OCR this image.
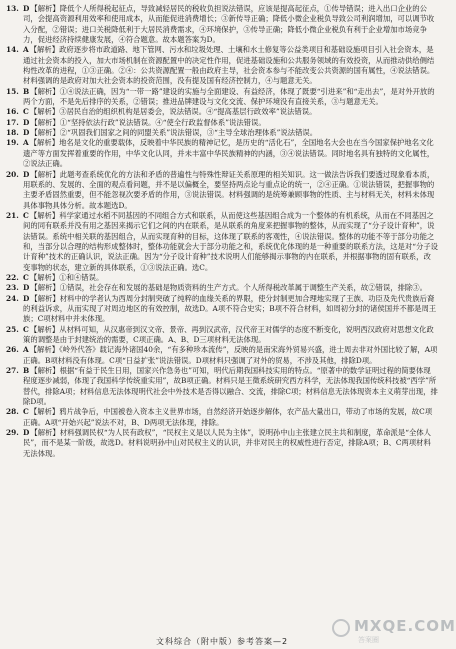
13. D【解析】降低个人所得税起征点，导致减轻居民的税收负担说法错误，应该是提高起征点，①传导错误；进入出口企业的公司，会提高资源利用效率和使用成本，从而能促进消费增长；③新传导正确；降低小微企业税负导致公司利润增加，可以调节收入分配，②错误；进口关税降低利于大居民消费需求，④环境保护，③传导正确；降低小微企业税负有利于企业增加市场竞争力，促进经济持续健康发展，④符合题意。故本题答案为D。
14. A【解析】政府逐步将市政道路、地下管网、污水和垃圾处理、土壤和水土修复等公益类项目和基础设施项目引入社会资本，是通过社会资本的投入，加大市场机制在资源配置中的决定性作用，促进基础设施和公共服务领域的有效投资，从而推动供给侧结构性改革的进程，①③正确。②④：公共资源配置一般由政府主导，社会资本参与不能改变公共资源的国有属性，④说法错误。材料强调的是政府对加大社会资本的投资范围，没有提及国有经济控制力，④与题意无关。
15. B【解析】①④说法正确，因为“一带一路”建设的实施与全面建设、有益经济，体现了既要“引进来”和“走出去”，是对外开放的两个方面，不是先后排序的关系，②错误；推进品牌建设与文化交流、保护环境没有直接关系，③与题意无关。
16. C【解析】③居民自治的组织机构是居委会，说法错误。④“提高基层行政效率”说法错误。
17. D【解析】①“坚持依法行政”说法错误。④“使全行政监督体系”说法错误。
18. D【解析】②“巩固我们国家之间的同盟关系”说法错误，③“主导全球治理体系”说法错误。
19. A【解析】地名是文化的重要载体，反映着中华民族的精神记忆，是历史的“活化石”，全国地名大会也在当今国家保护地名文化遗产等方面发挥着重要的作用，中华文化认同，并未丰富中华民族精神的内涵，③④说法错误。同时地名具有独特的文化属性，②说法正确。
20. D【解析】此题考查系统优化的方法和矛盾的普遍性与特殊性辩证关系原理的相关知识。这一做法告诉我们要透过现象看本质，用联系的、发展的、全面的观点看问题，并不是以偏概全，要坚持两点论与重点论的统一，②④正确。①说法错误，把握事物的主要矛盾固然重要，但不能忽视次要矛盾的作用，③说法错误。材料强调的是统筹兼顾事物的性质、主与材料无关，材料未体现具体事物具体分析。故本题选D。
21. C【解析】科学家通过水稻不同基因的不同组合方式和联系，从而使这些基因组合成为一个整体的有机系统，从而在不同基因之间的同有联系并没有用之基因来揭示它们之间的内在联系，是从联系的角度来把握事物的整体，从而实现了“分子设计育种”，说法错误。系统中相关联的基因组合，从而实现育种的目标，这体现了联系的客观性，④说法错误。整体的功能不等于部分功能之和，当部分以合理的结构形成整体时，整体功能就会大于部分功能之和，系统优化体现的是一种重要的联系方法，这是对“分子设计育种”技术的正确认识，说法正确。因为“分子设计育种”技术说明人们能够揭示事物的内在联系，并根据事物的固有联系，改变事物的状态，建立新的具体联系，①③说法正确。选C。
22. C【解析】①和④错误。
23. D【解析】①错误，社会存在和发展的基础是物质资料的生产方式。个人所得税改革属于调整生产关系，故②错误，排除③。
24. D【解析】材料中的学者认为西周分封制突破了纯粹的血缘关系的界限，使分封制更加合理地实现了王族、功臣及先代贵族后裔的利益诉求，从而实现了对周边地区的有效控制，故选D。A项不符合史实；B项不符合材料，如周初分封的诸侯国并不都是周王族；C项材料中并未体现。
25. C【解析】从材料可知，从汉惠帝到汉文帝、景帝、再到汉武帝，汉代帝王对儒学的态度不断变化，说明西汉政府对思想文化政策的调整是由于封建统治的需要，C项正确。A、B、D三项材料无法体现。
26. A【解析】《岭外代答》载记海外诸国40余，“有多种珍本流传”，反映的是南宋海外贸易兴盛，进士周去非对外国比较了解，A项正确。B项材料没有体现。C项“日益扩张”说法错误。D项材料只强调了对外的贸易，不涉及其他，排除D项。
27. B【解析】根据“有益于民生日用，国家兴作急务也”可知，明代后期我国科技实用的特点。“原著中的数学证明过程的简要体现程度逐步减弱，体现了我国科学传统重实用”，故B项正确。材料只是王徵系统研究西方科学，无法体现我国传统科技被“西学”所替代，排除A项；材料信息无法体现明代社会中外技术是否得以融合、交流，排除C项；材料信息无法体现资本主义萌芽出现，排除D项。
28. C【解析】鸦片战争后，中国被卷入资本主义世界市场，自然经济开始逐步解体，农产品大量出口，带动了市场的发展，故C项正确。A项“开始兴起”说法不对，B、D两项无法体现，排除。
29. D【解析】材料强调民权“为人民有政权”，“民权主义是以人民为主体”，说明孙中山主张建立民主共和制度，革命派是“全体人民”，而不是某一阶级，故选D。材料说明孙中山对民权主义的认识，并非对民主的权威性进行否定，排除A项；B、C两项材料无法体现。
文科综合（附中版）参考答案—2
MXQE.COM
答案圈
